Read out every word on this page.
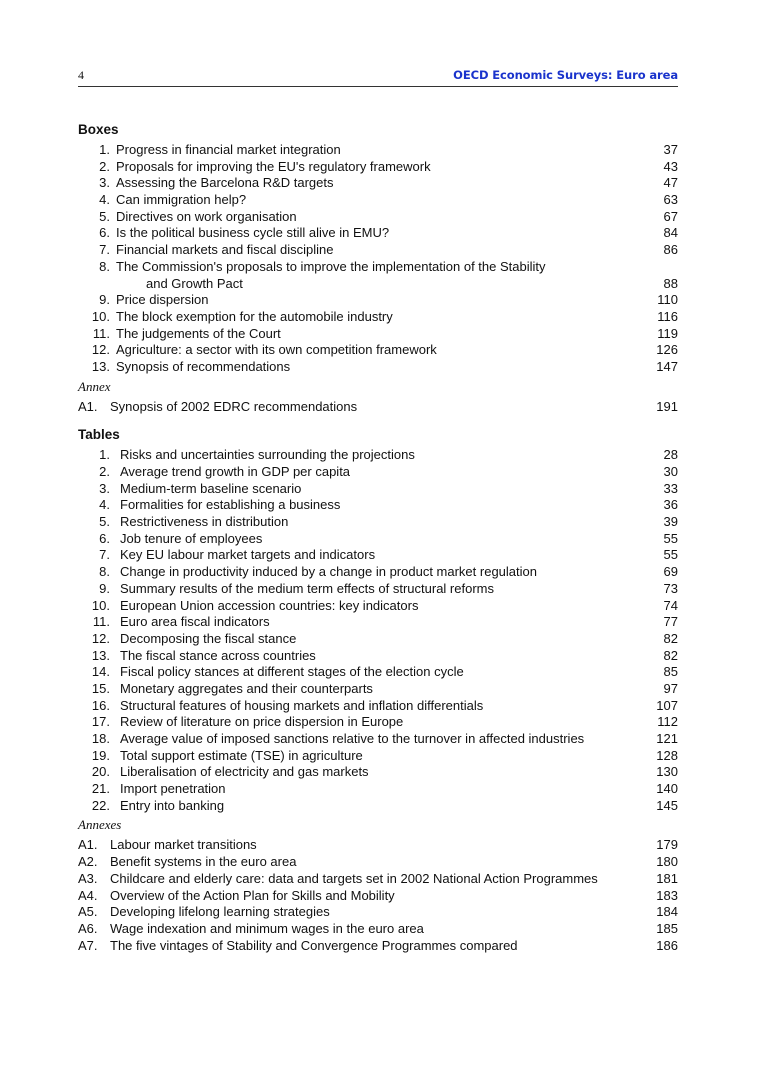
4	OECD Economic Surveys: Euro area
Boxes
1. Progress in financial market integration	37
2. Proposals for improving the EU's regulatory framework	43
3. Assessing the Barcelona R&D targets	47
4. Can immigration help?	63
5. Directives on work organisation	67
6. Is the political business cycle still alive in EMU?	84
7. Financial markets and fiscal discipline	86
8. The Commission's proposals to improve the implementation of the Stability
and Growth Pact	88
9. Price dispersion	110
10. The block exemption for the automobile industry	116
11. The judgements of the Court	119
12. Agriculture: a sector with its own competition framework	126
13. Synopsis of recommendations	147
Annex
A1. Synopsis of 2002 EDRC recommendations	191
Tables
1. Risks and uncertainties surrounding the projections	28
2. Average trend growth in GDP per capita	30
3. Medium-term baseline scenario	33
4. Formalities for establishing a business	36
5. Restrictiveness in distribution	39
6. Job tenure of employees	55
7. Key EU labour market targets and indicators	55
8. Change in productivity induced by a change in product market regulation	69
9. Summary results of the medium term effects of structural reforms	73
10. European Union accession countries: key indicators	74
11. Euro area fiscal indicators	77
12. Decomposing the fiscal stance	82
13. The fiscal stance across countries	82
14. Fiscal policy stances at different stages of the election cycle	85
15. Monetary aggregates and their counterparts	97
16. Structural features of housing markets and inflation differentials	107
17. Review of literature on price dispersion in Europe	112
18. Average value of imposed sanctions relative to the turnover in affected industries	121
19. Total support estimate (TSE) in agriculture	128
20. Liberalisation of electricity and gas markets	130
21. Import penetration	140
22. Entry into banking	145
Annexes
A1. Labour market transitions	179
A2. Benefit systems in the euro area	180
A3. Childcare and elderly care: data and targets set in 2002 National Action Programmes	181
A4. Overview of the Action Plan for Skills and Mobility	183
A5. Developing lifelong learning strategies	184
A6. Wage indexation and minimum wages in the euro area	185
A7. The five vintages of Stability and Convergence Programmes compared	186
